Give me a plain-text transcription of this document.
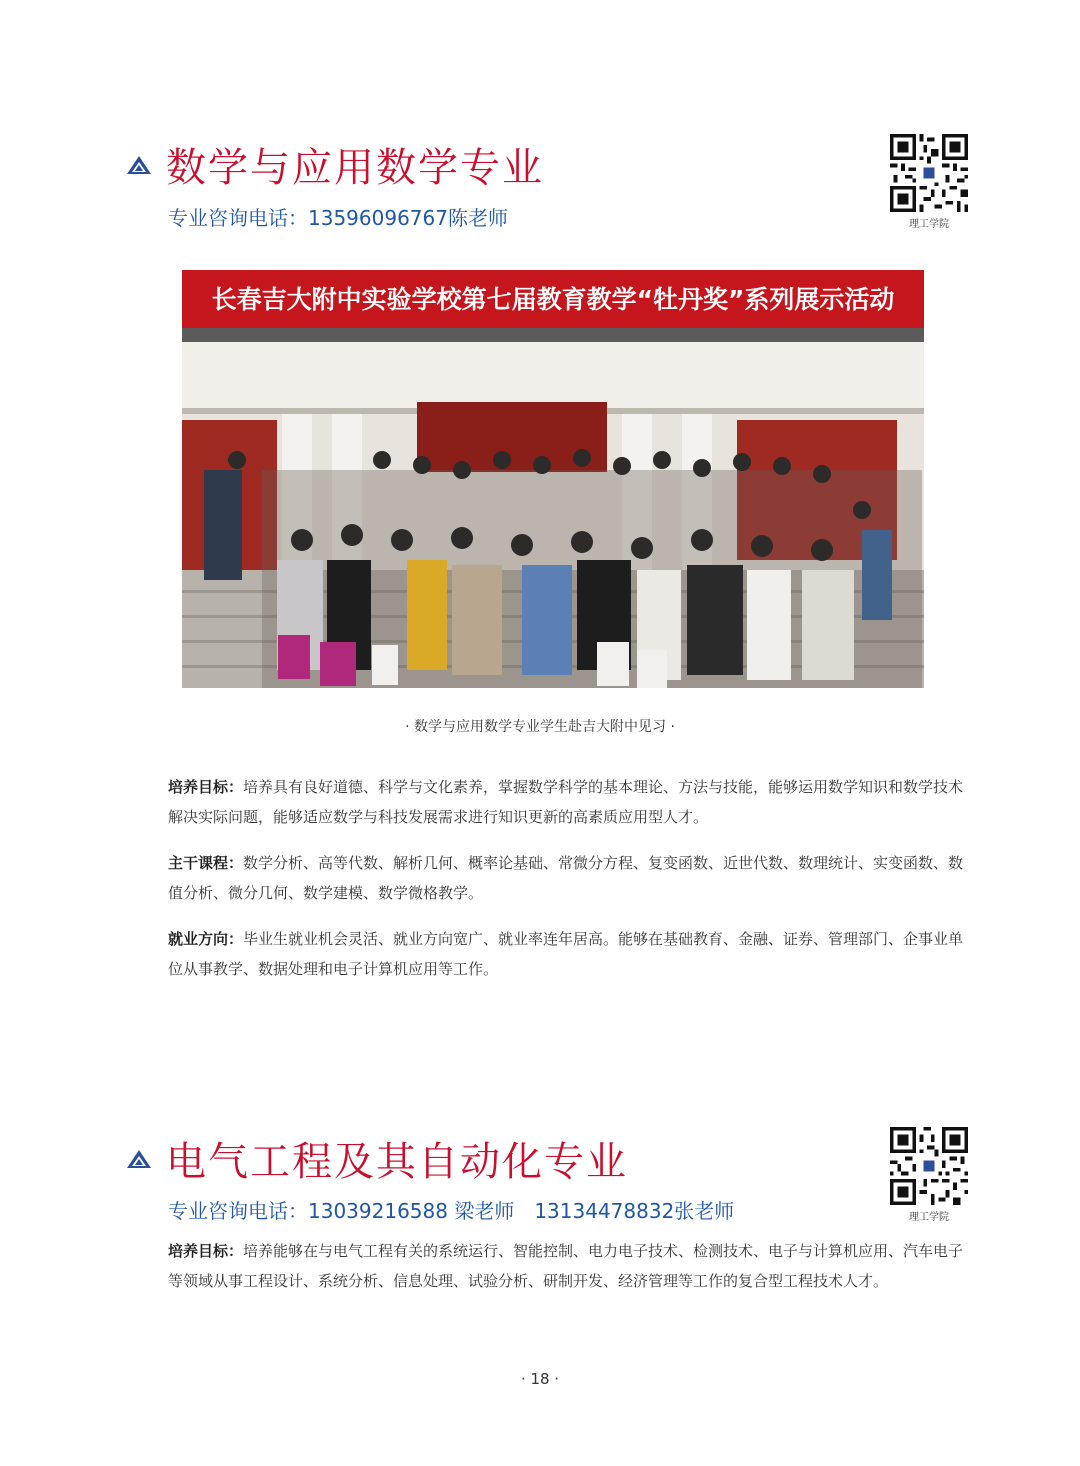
数学与应用数学专业
专业咨询电话：13596096767陈老师	理工学院
长春吉大附中实验学校第七届教育教学“牡丹奖”系列展示活动
· 数学与应用数学专业学生赴吉大附中见习 ·

培养目标：培养具有良好道德、科学与文化素养，掌握数学科学的基本理论、方法与技能，能够运用数学知识和数学技术解决实际问题，能够适应数学与科技发展需求进行知识更新的高素质应用型人才。

主干课程：数学分析、高等代数、解析几何、概率论基础、常微分方程、复变函数、近世代数、数理统计、实变函数、数值分析、微分几何、数学建模、数学微格教学。

就业方向：毕业生就业机会灵活、就业方向宽广、就业率连年居高。能够在基础教育、金融、证券、管理部门、企事业单位从事教学、数据处理和电子计算机应用等工作。

电气工程及其自动化专业
专业咨询电话：13039216588 梁老师 13134478832张老师	理工学院

培养目标：培养能够在与电气工程有关的系统运行、智能控制、电力电子技术、检测技术、电子与计算机应用、汽车电子等领域从事工程设计、系统分析、信息处理、试验分析、研制开发、经济管理等工作的复合型工程技术人才。

· 18 ·
